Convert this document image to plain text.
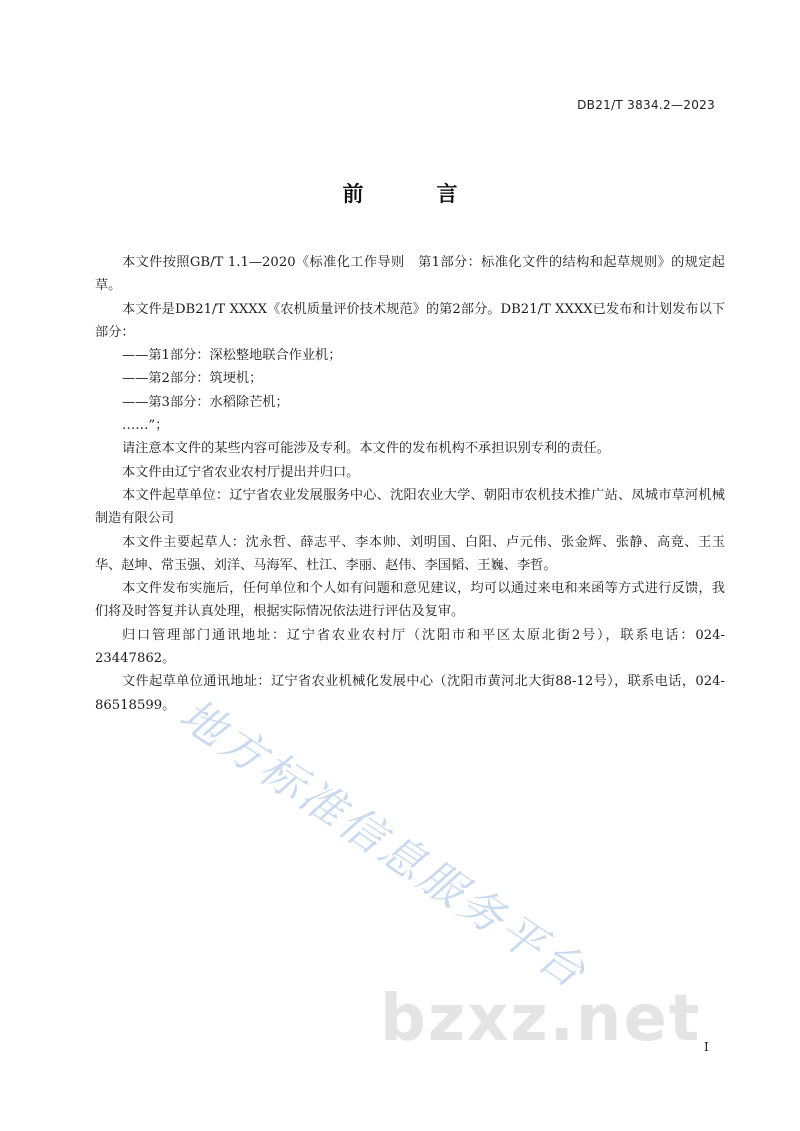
DB21/T 3834.2—2023
前　言

本文件按照GB/T 1.1—2020《标准化工作导则　第1部分：标准化文件的结构和起草规则》的规定起草。

本文件是DB21/T XXXX《农机质量评价技术规范》的第2部分。DB21/T XXXX已发布和计划发布以下部分：

——第1部分：深松整地联合作业机；

——第2部分：筑埂机；

——第3部分：水稻除芒机；

……”；

请注意本文件的某些内容可能涉及专利。本文件的发布机构不承担识别专利的责任。

本文件由辽宁省农业农村厅提出并归口。

本文件起草单位：辽宁省农业发展服务中心、沈阳农业大学、朝阳市农机技术推广站、凤城市草河机械制造有限公司

本文件主要起草人：沈永哲、薛志平、李本帅、刘明国、白阳、卢元伟、张金辉、张静、高竟、王玉华、赵坤、常玉强、刘洋、马海军、杜江、李丽、赵伟、李国韬、王巍、李哲。

本文件发布实施后，任何单位和个人如有问题和意见建议，均可以通过来电和来函等方式进行反馈，我们将及时答复并认真处理，根据实际情况依法进行评估及复审。

归口管理部门通讯地址：辽宁省农业农村厅（沈阳市和平区太原北街2号），联系电话：024-23447862。

文件起草单位通讯地址：辽宁省农业机械化发展中心（沈阳市黄河北大街88-12号），联系电话，024-86518599。

地方标准信息服务平台
bzxz.net I
